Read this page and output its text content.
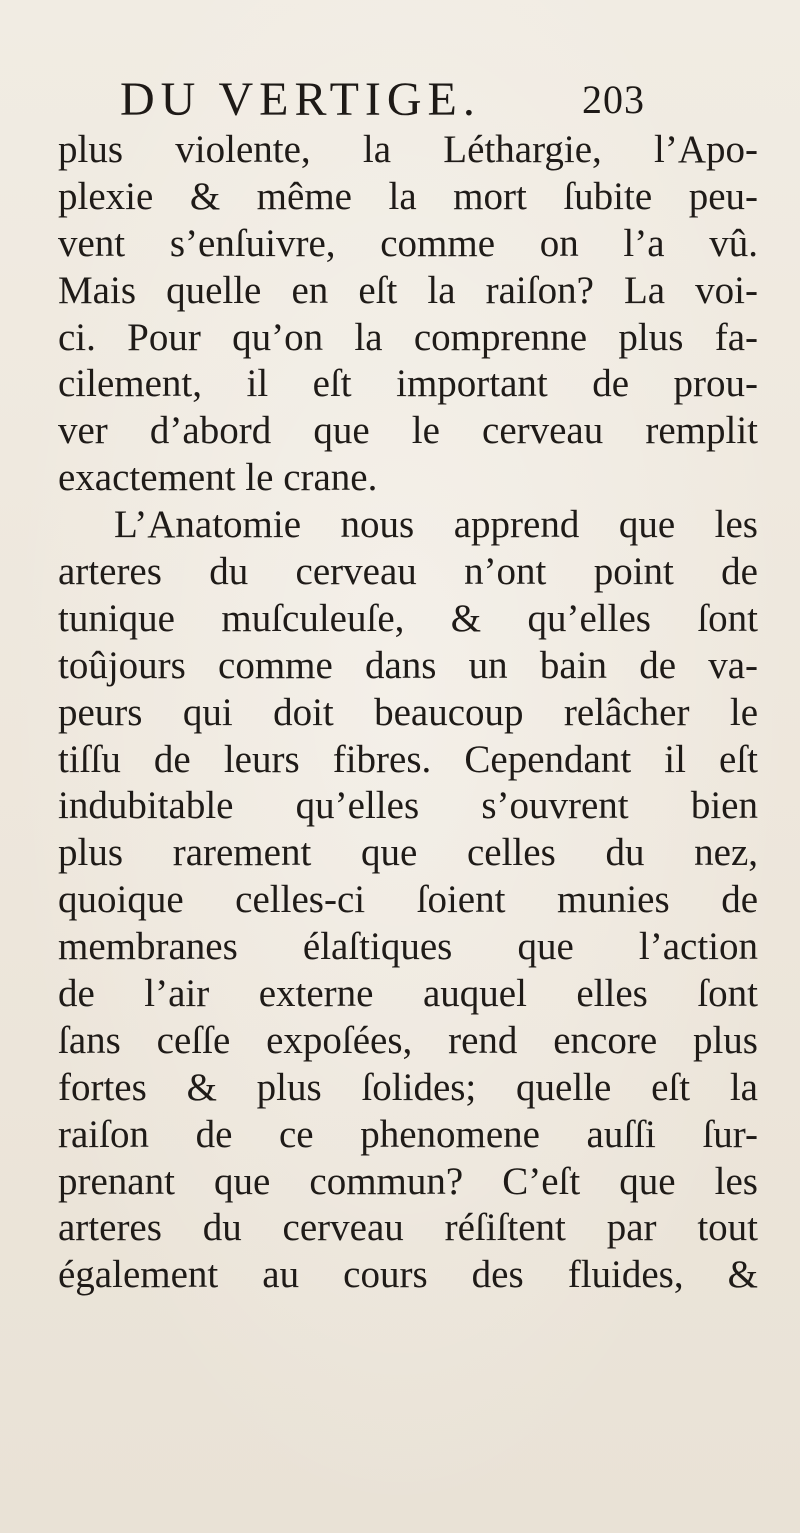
DU VERTIGE.	203
plus violente, la Léthargie, l’Apo-
plexie & même la mort ſubite peu-
vent s’enſuivre, comme on l’a vû.
Mais quelle en eſt la raiſon? La voi-
ci. Pour qu’on la comprenne plus fa-
cilement, il eſt important de prou-
ver d’abord que le cerveau remplit
exactement le crane.
L’Anatomie nous apprend que les
arteres du cerveau n’ont point de
tunique muſculeuſe, & qu’elles ſont
toûjours comme dans un bain de va-
peurs qui doit beaucoup relâcher le
tiſſu de leurs fibres. Cependant il eſt
indubitable qu’elles s’ouvrent bien
plus rarement que celles du nez,
quoique celles-ci ſoient munies de
membranes élaſtiques que l’action
de l’air externe auquel elles ſont
ſans ceſſe expoſées, rend encore plus
fortes & plus ſolides; quelle eſt la
raiſon de ce phenomene auſſi ſur-
prenant que commun? C’eſt que les
arteres du cerveau réſiſtent par tout
également au cours des fluides, &
